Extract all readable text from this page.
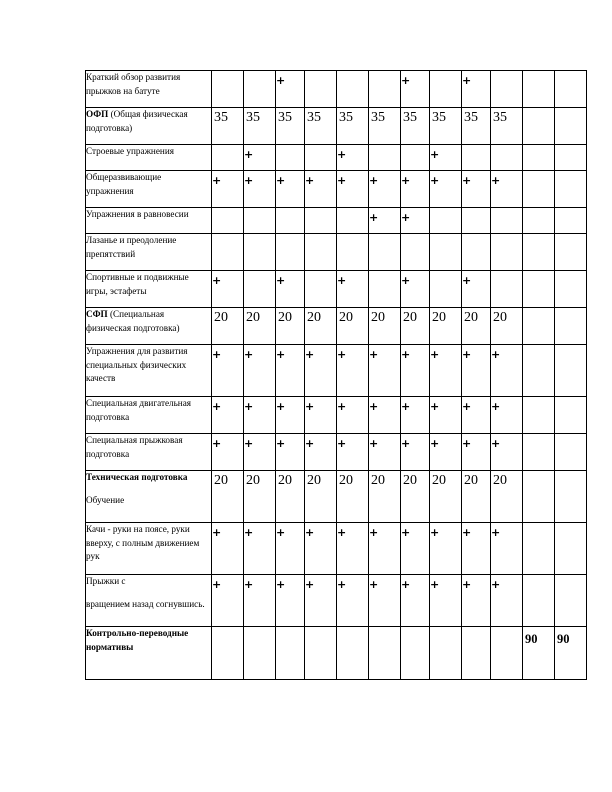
Краткий обзор развития прыжков на батуте			+				+		+			
ОФП (Общая физическая подготовка)	35	35	35	35	35	35	35	35	35	35		
Строевые упражнения		+			+			+				
Общеразвивающие упражнения	+	+	+	+	+	+	+	+	+	+		
Упражнения в равновесии						+	+					
Лазанье и преодоление препятствий												
Спортивные и подвижные игры, эстафеты	+		+		+		+		+			
СФП (Специальная физическая подготовка)	20	20	20	20	20	20	20	20	20	20		
Упражнения для развития специальных физических качеств	+	+	+	+	+	+	+	+	+	+		
Специальная двигательная подготовка	+	+	+	+	+	+	+	+	+	+		
Специальная прыжковая подготовка	+	+	+	+	+	+	+	+	+	+		
Техническая подготовка
Обучение	20	20	20	20	20	20	20	20	20	20		
Качи - руки на поясе, руки вверху, с полным движением рук	+	+	+	+	+	+	+	+	+	+		
Прыжки с
вращением назад согнувшись.	+	+	+	+	+	+	+	+	+	+		
Контрольно-переводные нормативы											90	90
